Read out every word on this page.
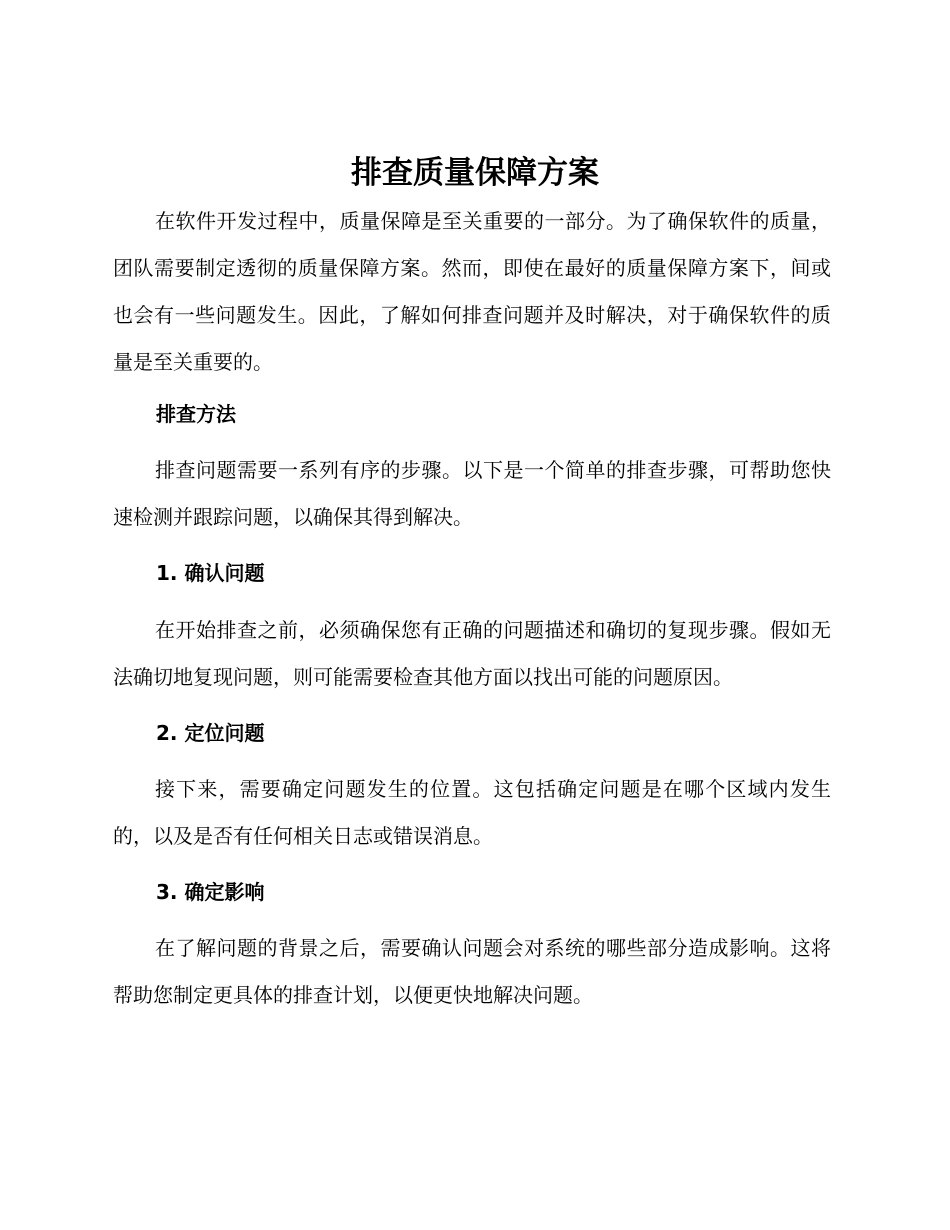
排查质量保障方案

在软件开发过程中，质量保障是至关重要的一部分。为了确保软件的质量，团队需要制定透彻的质量保障方案。然而，即使在最好的质量保障方案下，间或也会有一些问题发生。因此，了解如何排查问题并及时解决，对于确保软件的质量是至关重要的。

排查方法

排查问题需要一系列有序的步骤。以下是一个简单的排查步骤，可帮助您快速检测并跟踪问题，以确保其得到解决。

1. 确认问题

在开始排查之前，必须确保您有正确的问题描述和确切的复现步骤。假如无法确切地复现问题，则可能需要检查其他方面以找出可能的问题原因。

2. 定位问题

接下来，需要确定问题发生的位置。这包括确定问题是在哪个区域内发生的，以及是否有任何相关日志或错误消息。

3. 确定影响

在了解问题的背景之后，需要确认问题会对系统的哪些部分造成影响。这将帮助您制定更具体的排查计划，以便更快地解决问题。
